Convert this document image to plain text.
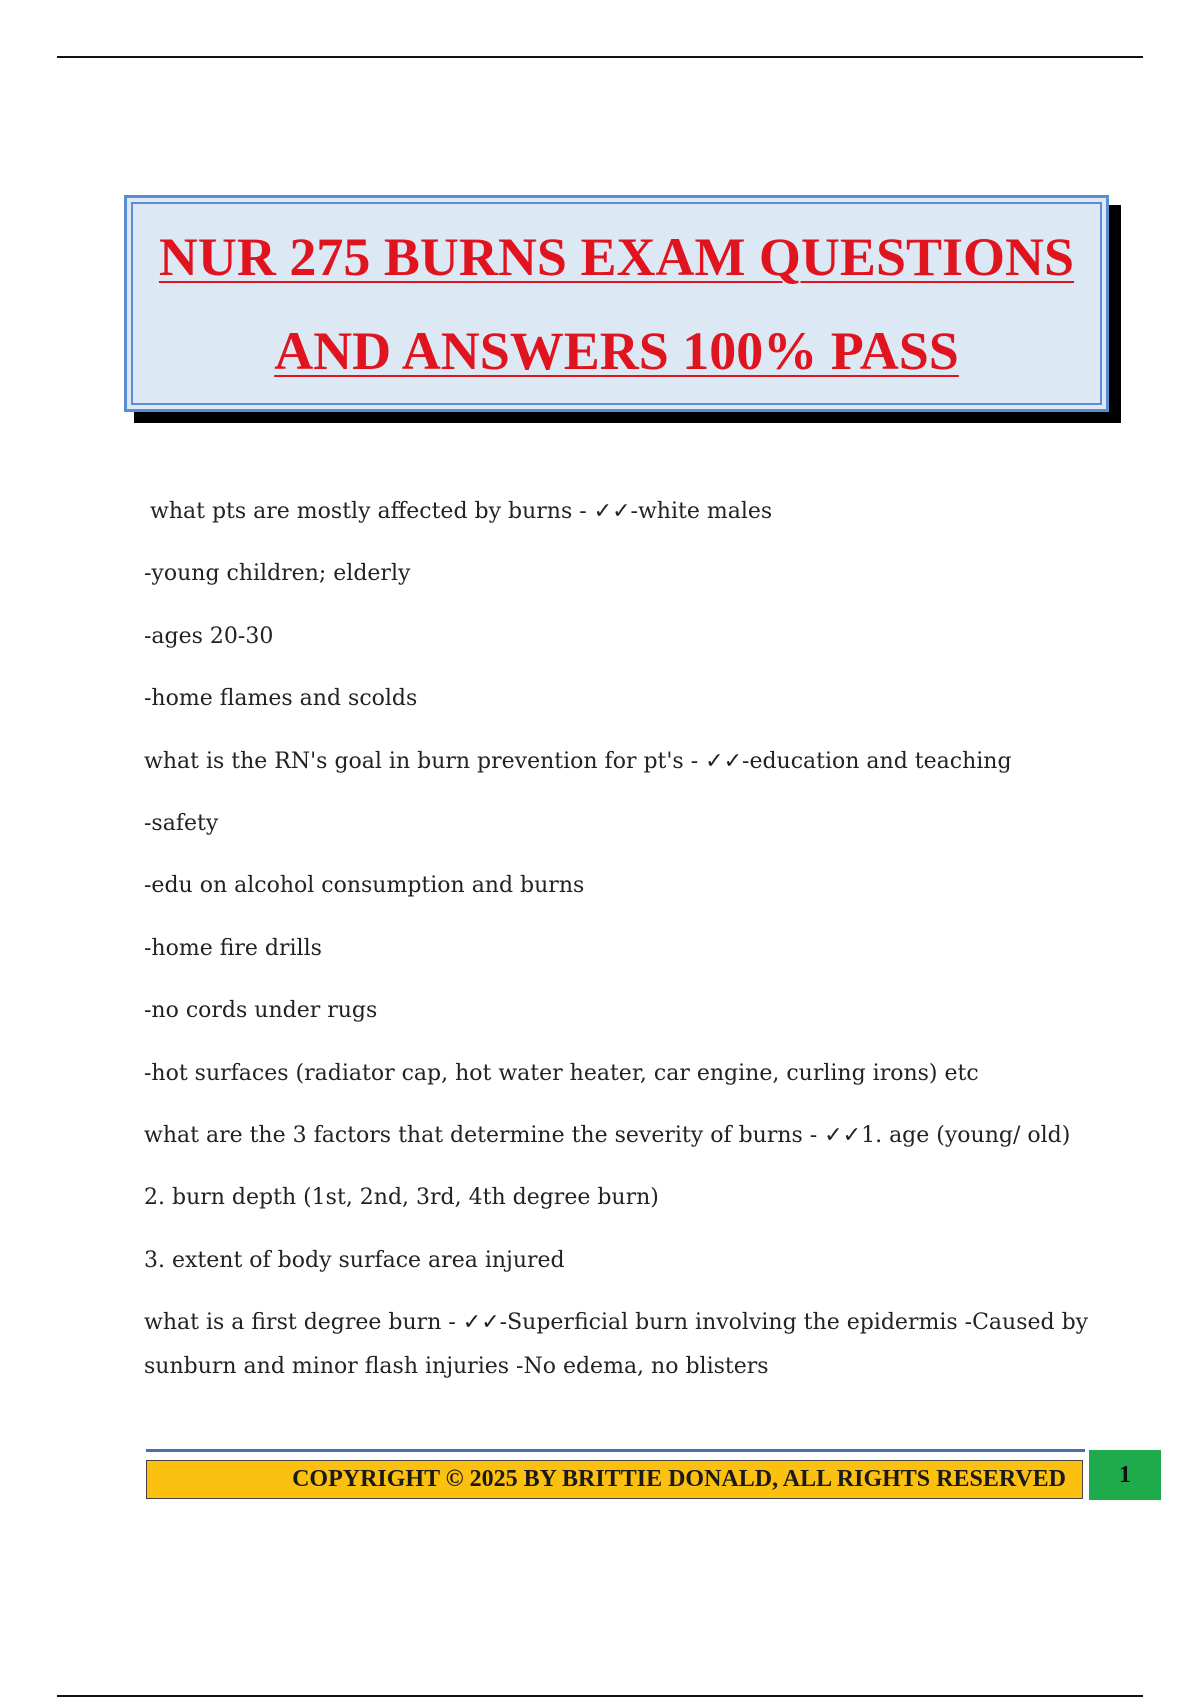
NUR 275 BURNS EXAM QUESTIONS
AND ANSWERS 100% PASS
what pts are mostly affected by burns - ✓✓-white males
-young children; elderly
-ages 20-30
-home flames and scolds
what is the RN's goal in burn prevention for pt's - ✓✓-education and teaching
-safety
-edu on alcohol consumption and burns
-home fire drills
-no cords under rugs
-hot surfaces (radiator cap, hot water heater, car engine, curling irons) etc
what are the 3 factors that determine the severity of burns - ✓✓1. age (young/ old)
2. burn depth (1st, 2nd, 3rd, 4th degree burn)
3. extent of body surface area injured
what is a first degree burn - ✓✓-Superficial burn involving the epidermis -Caused by sunburn and minor flash injuries -No edema, no blisters
COPYRIGHT © 2025 BY BRITTIE DONALD, ALL RIGHTS RESERVED	1
